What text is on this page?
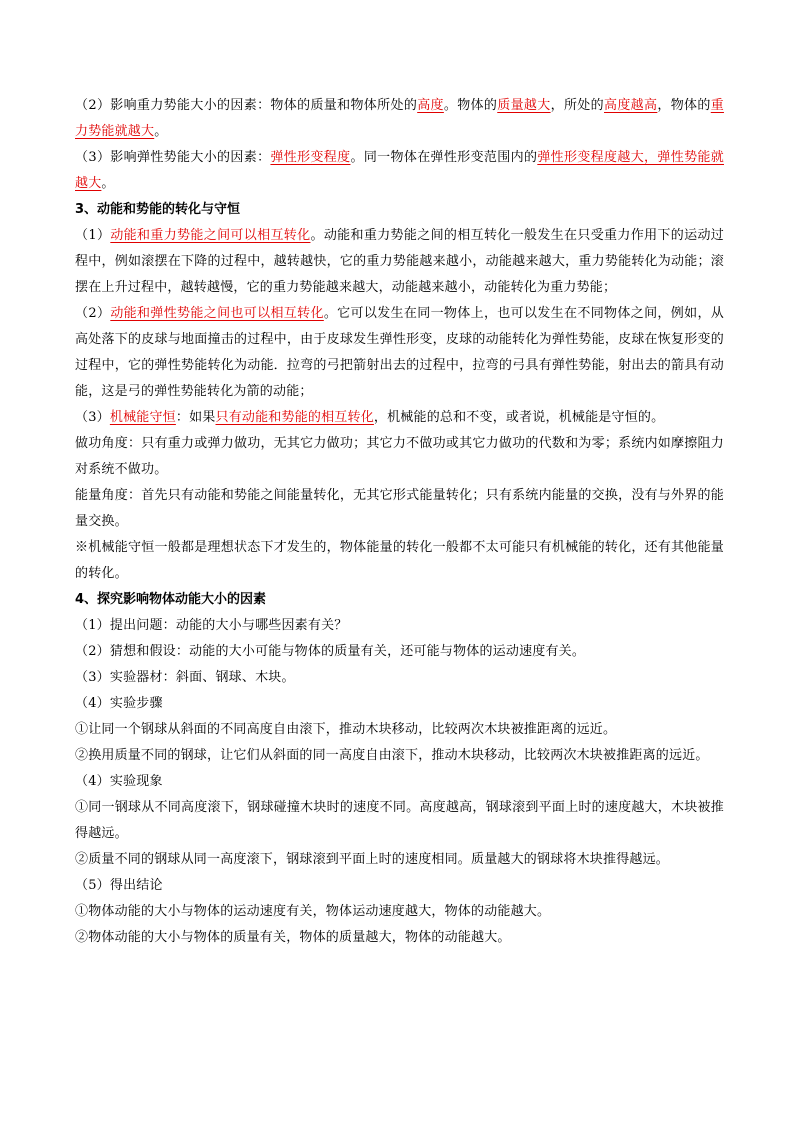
（2）影响重力势能大小的因素：物体的质量和物体所处的高度。物体的质量越大，所处的高度越高，物体的重力势能就越大。

（3）影响弹性势能大小的因素：弹性形变程度。同一物体在弹性形变范围内的弹性形变程度越大，弹性势能就越大。

3、动能和势能的转化与守恒

（1）动能和重力势能之间可以相互转化。动能和重力势能之间的相互转化一般发生在只受重力作用下的运动过程中，例如滚摆在下降的过程中，越转越快，它的重力势能越来越小，动能越来越大，重力势能转化为动能；滚摆在上升过程中，越转越慢，它的重力势能越来越大，动能越来越小，动能转化为重力势能；

（2）动能和弹性势能之间也可以相互转化。它可以发生在同一物体上，也可以发生在不同物体之间，例如，从高处落下的皮球与地面撞击的过程中，由于皮球发生弹性形变，皮球的动能转化为弹性势能，皮球在恢复形变的过程中，它的弹性势能转化为动能．拉弯的弓把箭射出去的过程中，拉弯的弓具有弹性势能，射出去的箭具有动能，这是弓的弹性势能转化为箭的动能；

（3）机械能守恒：如果只有动能和势能的相互转化，机械能的总和不变，或者说，机械能是守恒的。

做功角度：只有重力或弹力做功，无其它力做功；其它力不做功或其它力做功的代数和为零；系统内如摩擦阻力对系统不做功。

能量角度：首先只有动能和势能之间能量转化，无其它形式能量转化；只有系统内能量的交换，没有与外界的能量交换。

※机械能守恒一般都是理想状态下才发生的，物体能量的转化一般都不太可能只有机械能的转化，还有其他能量的转化。

4、探究影响物体动能大小的因素

（1）提出问题：动能的大小与哪些因素有关？

（2）猜想和假设：动能的大小可能与物体的质量有关，还可能与物体的运动速度有关。

（3）实验器材：斜面、钢球、木块。

（4）实验步骤

①让同一个钢球从斜面的不同高度自由滚下，推动木块移动，比较两次木块被推距离的远近。

②换用质量不同的钢球，让它们从斜面的同一高度自由滚下，推动木块移动，比较两次木块被推距离的远近。

（4）实验现象

①同一钢球从不同高度滚下，钢球碰撞木块时的速度不同。高度越高，钢球滚到平面上时的速度越大，木块被推得越远。

②质量不同的钢球从同一高度滚下，钢球滚到平面上时的速度相同。质量越大的钢球将木块推得越远。

（5）得出结论

①物体动能的大小与物体的运动速度有关，物体运动速度越大，物体的动能越大。

②物体动能的大小与物体的质量有关，物体的质量越大，物体的动能越大。
